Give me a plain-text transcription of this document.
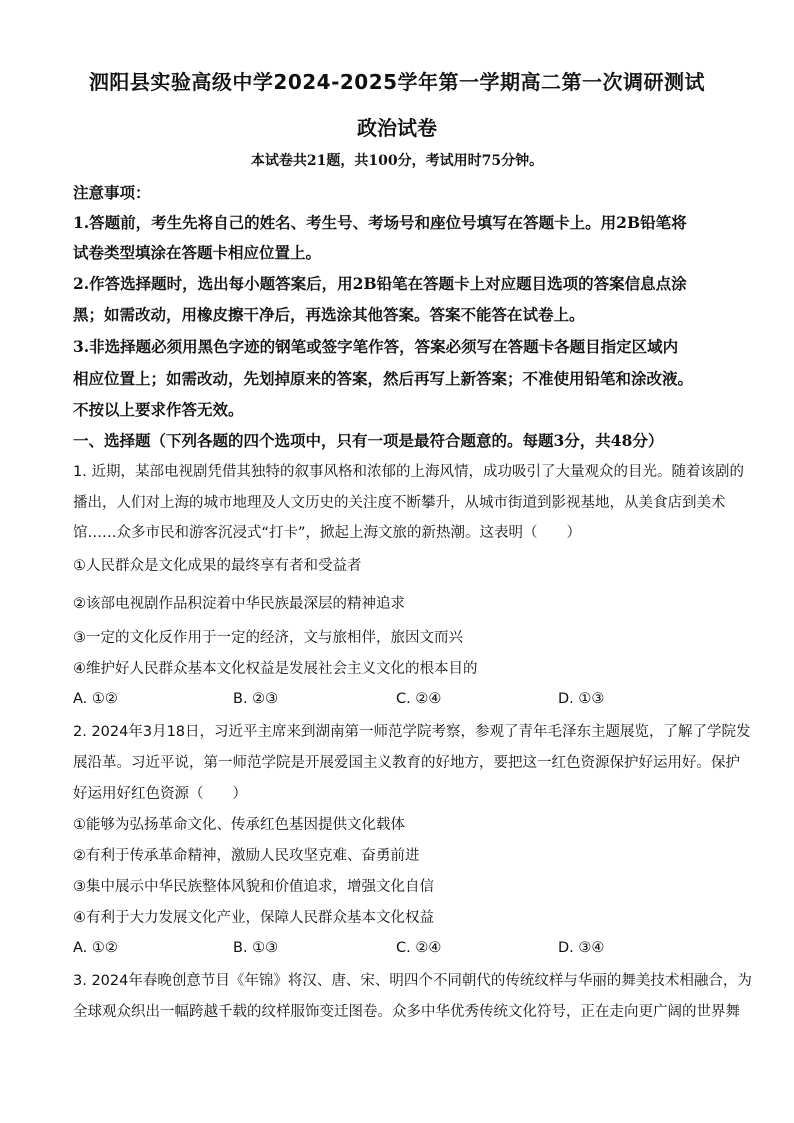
泗阳县实验高级中学2024-2025学年第一学期高二第一次调研测试
政治试卷
本试卷共21题，共100分，考试用时75分钟。
注意事项：
1.答题前，考生先将自己的姓名、考生号、考场号和座位号填写在答题卡上。用2B铅笔将
试卷类型填涂在答题卡相应位置上。
2.作答选择题时，选出每小题答案后，用2B铅笔在答题卡上对应题目选项的答案信息点涂
黑；如需改动，用橡皮擦干净后，再选涂其他答案。答案不能答在试卷上。
3.非选择题必须用黑色字迹的钢笔或签字笔作答，答案必须写在答题卡各题目指定区域内
相应位置上；如需改动，先划掉原来的答案，然后再写上新答案；不准使用铅笔和涂改液。
不按以上要求作答无效。
一、选择题（下列各题的四个选项中，只有一项是最符合题意的。每题3分，共48分）
1. 近期，某部电视剧凭借其独特的叙事风格和浓郁的上海风情，成功吸引了大量观众的目光。随着该剧的
播出，人们对上海的城市地理及人文历史的关注度不断攀升，从城市街道到影视基地，从美食店到美术
馆……众多市民和游客沉浸式“打卡”，掀起上海文旅的新热潮。这表明（　　）
①人民群众是文化成果的最终享有者和受益者
②该部电视剧作品积淀着中华民族最深层的精神追求
③一定的文化反作用于一定的经济，文与旅相伴，旅因文而兴
④维护好人民群众基本文化权益是发展社会主义文化的根本目的
A. ①②	B. ②③	C. ②④	D. ①③
2. 2024年3月18日，习近平主席来到湖南第一师范学院考察，参观了青年毛泽东主题展览，了解了学院发
展沿革。习近平说，第一师范学院是开展爱国主义教育的好地方，要把这一红色资源保护好运用好。保护
好运用好红色资源（　　）
①能够为弘扬革命文化、传承红色基因提供文化载体
②有利于传承革命精神，激励人民攻坚克难、奋勇前进
③集中展示中华民族整体风貌和价值追求，增强文化自信
④有利于大力发展文化产业，保障人民群众基本文化权益
A. ①②	B. ①③	C. ②④	D. ③④
3. 2024年春晚创意节目《年锦》将汉、唐、宋、明四个不同朝代的传统纹样与华丽的舞美技术相融合，为
全球观众织出一幅跨越千载的纹样服饰变迁图卷。众多中华优秀传统文化符号，正在走向更广阔的世界舞
